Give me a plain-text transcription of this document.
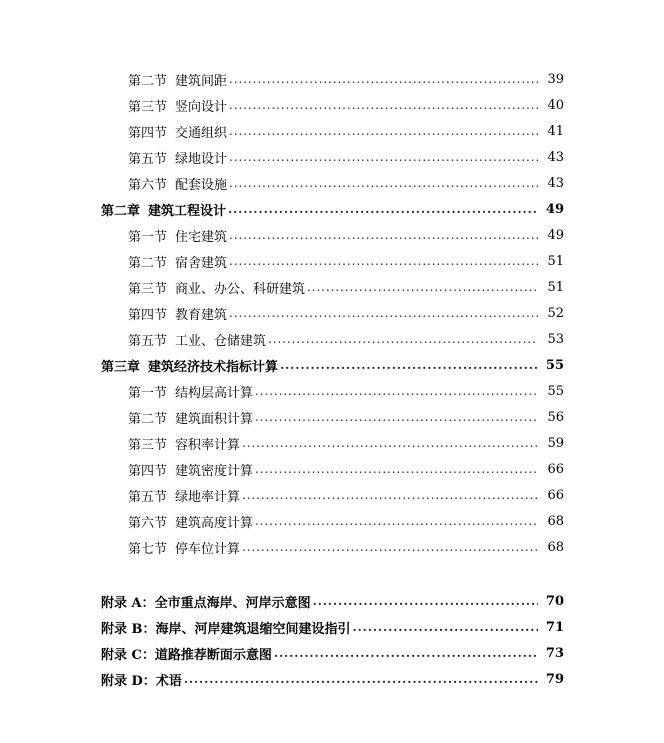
第二节 建筑间距 .....	39
第三节 竖向设计 .....	40
第四节 交通组织 .....	41
第五节 绿地设计 .....	43
第六节 配套设施 .....	43
第二章 建筑工程设计 .....	49
第一节 住宅建筑 .....	49
第二节 宿舍建筑 .....	51
第三节 商业、办公、科研建筑 .....	51
第四节 教育建筑 .....	52
第五节 工业、仓储建筑 .....	53
第三章 建筑经济技术指标计算 .....	55
第一节 结构层高计算 .....	55
第二节 建筑面积计算 .....	56
第三节 容积率计算 .....	59
第四节 建筑密度计算 .....	66
第五节 绿地率计算 .....	66
第六节 建筑高度计算 .....	68
第七节 停车位计算 .....	68
附录 A：全市重点海岸、河岸示意图 .....	70
附录 B：海岸、河岸建筑退缩空间建设指引 .....	71
附录 C：道路推荐断面示意图 .....	73
附录 D：术语 .....	79
